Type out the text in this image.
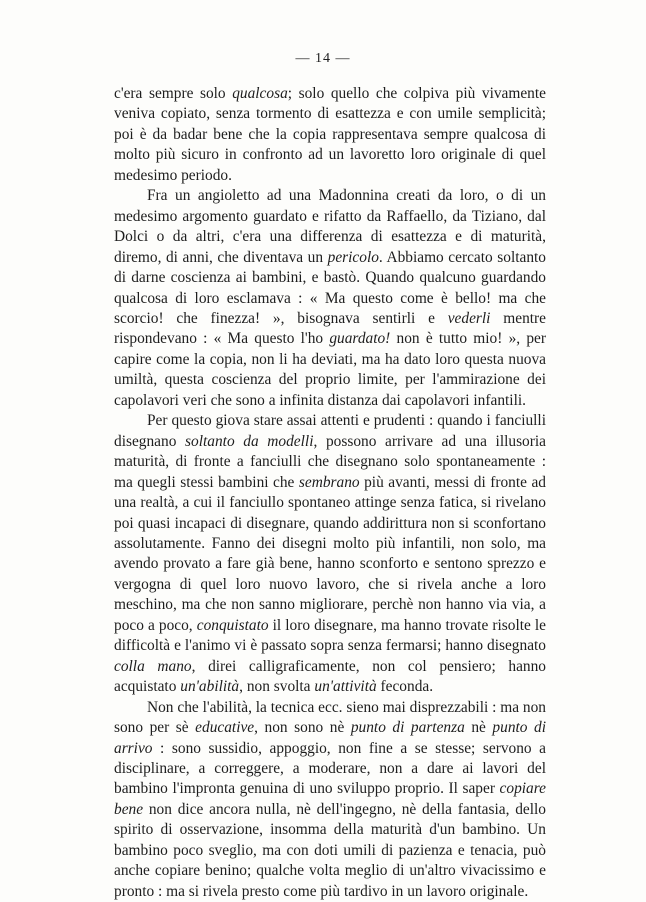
— 14 —

c'era sempre solo qualcosa; solo quello che colpiva più vivamente veniva copiato, senza tormento di esattezza e con umile semplicità; poi è da badar bene che la copia rappresentava sempre qualcosa di molto più sicuro in confronto ad un lavoretto loro originale di quel medesimo periodo.

Fra un angioletto ad una Madonnina creati da loro, o di un medesimo argomento guardato e rifatto da Raffaello, da Tiziano, dal Dolci o da altri, c'era una differenza di esattezza e di maturità, diremo, di anni, che diventava un pericolo. Abbiamo cercato soltanto di darne coscienza ai bambini, e bastò. Quando qualcuno guardando qualcosa di loro esclamava : « Ma questo come è bello! ma che scorcio! che finezza! », bisognava sentirli e vederli mentre rispondevano : « Ma questo l'ho guardato! non è tutto mio! », per capire come la copia, non li ha deviati, ma ha dato loro questa nuova umiltà, questa coscienza del proprio limite, per l'ammirazione dei capolavori veri che sono a infinita distanza dai capolavori infantili.

Per questo giova stare assai attenti e prudenti : quando i fanciulli disegnano soltanto da modelli, possono arrivare ad una illusoria maturità, di fronte a fanciulli che disegnano solo spontaneamente : ma quegli stessi bambini che sembrano più avanti, messi di fronte ad una realtà, a cui il fanciullo spontaneo attinge senza fatica, si rivelano poi quasi incapaci di disegnare, quando addirittura non si sconfortano assolutamente. Fanno dei disegni molto più infantili, non solo, ma avendo provato a fare già bene, hanno sconforto e sentono sprezzo e vergogna di quel loro nuovo lavoro, che si rivela anche a loro meschino, ma che non sanno migliorare, perchè non hanno via via, a poco a poco, conquistato il loro disegnare, ma hanno trovate risolte le difficoltà e l'animo vi è passato sopra senza fermarsi; hanno disegnato colla mano, direi calligraficamente, non col pensiero; hanno acquistato un'abilità, non svolta un'attività feconda.

Non che l'abilità, la tecnica ecc. sieno mai disprezzabili : ma non sono per sè educative, non sono nè punto di partenza nè punto di arrivo : sono sussidio, appoggio, non fine a se stesse; servono a disciplinare, a correggere, a moderare, non a dare ai lavori del bambino l'impronta genuina di uno sviluppo proprio. Il saper copiare bene non dice ancora nulla, nè dell'ingegno, nè della fantasia, dello spirito di osservazione, insomma della maturità d'un bambino. Un bambino poco sveglio, ma con doti umili di pazienza e tenacia, può anche copiare benino; qualche volta meglio di un'altro vivacissimo e pronto : ma si rivela presto come più tardivo in un lavoro originale.
